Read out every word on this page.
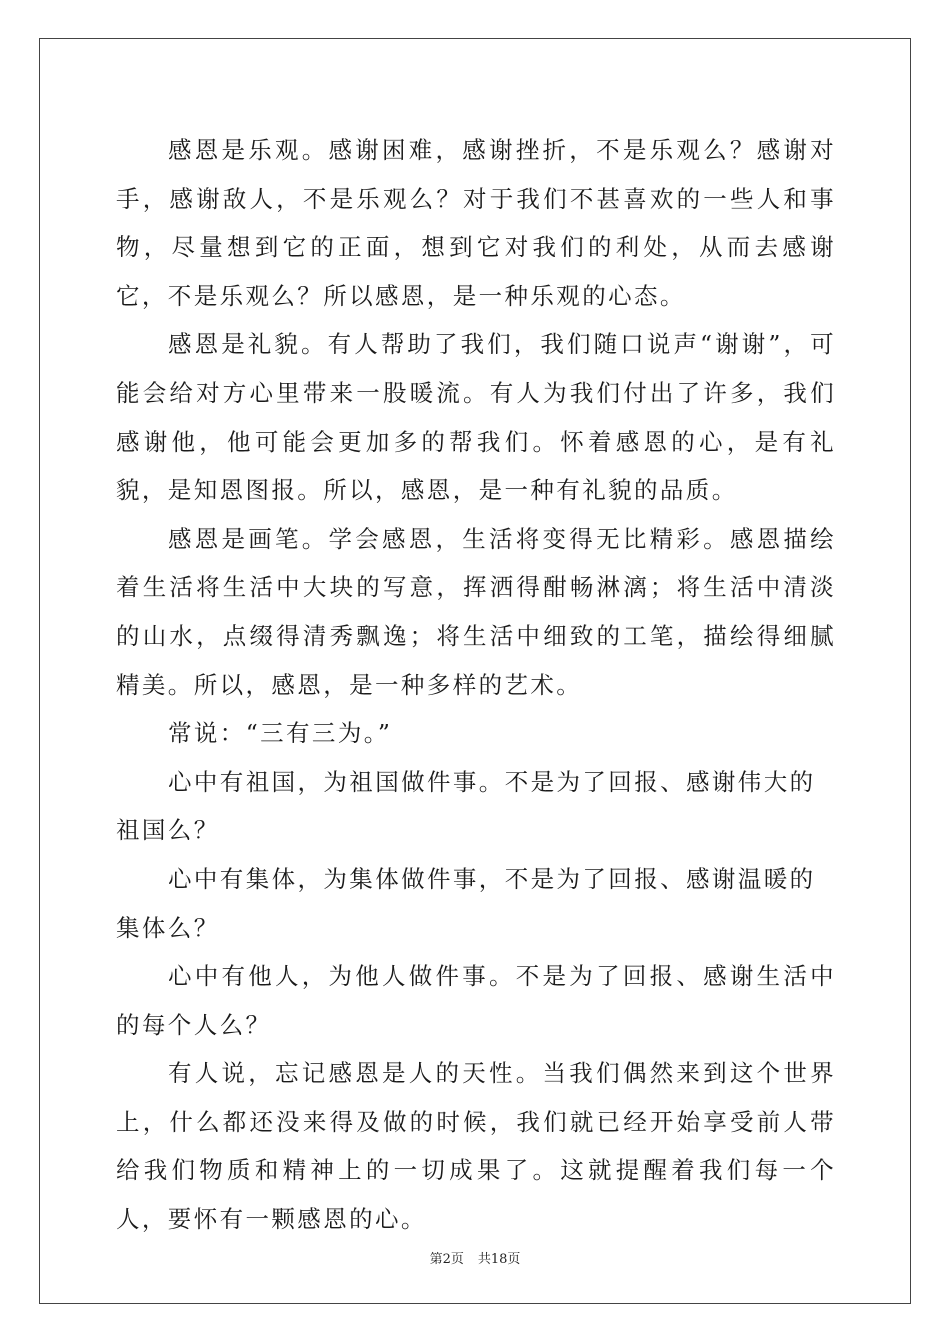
感恩是乐观。感谢困难，感谢挫折，不是乐观么？感谢对手，感谢敌人，不是乐观么？对于我们不甚喜欢的一些人和事物，尽量想到它的正面，想到它对我们的利处，从而去感谢它，不是乐观么？所以感恩，是一种乐观的心态。

感恩是礼貌。有人帮助了我们，我们随口说声“谢谢”，可能会给对方心里带来一股暖流。有人为我们付出了许多，我们感谢他，他可能会更加多的帮我们。怀着感恩的心，是有礼貌，是知恩图报。所以，感恩，是一种有礼貌的品质。

感恩是画笔。学会感恩，生活将变得无比精彩。感恩描绘着生活将生活中大块的写意，挥洒得酣畅淋漓；将生活中清淡的山水，点缀得清秀飘逸；将生活中细致的工笔，描绘得细腻精美。所以，感恩，是一种多样的艺术。

常说：“三有三为。”

心中有祖国，为祖国做件事。不是为了回报、感谢伟大的祖国么？

心中有集体，为集体做件事，不是为了回报、感谢温暖的集体么？

心中有他人，为他人做件事。不是为了回报、感谢生活中的每个人么？

有人说，忘记感恩是人的天性。当我们偶然来到这个世界上，什么都还没来得及做的时候，我们就已经开始享受前人带给我们物质和精神上的一切成果了。这就提醒着我们每一个人，要怀有一颗感恩的心。

第2页 共18页
